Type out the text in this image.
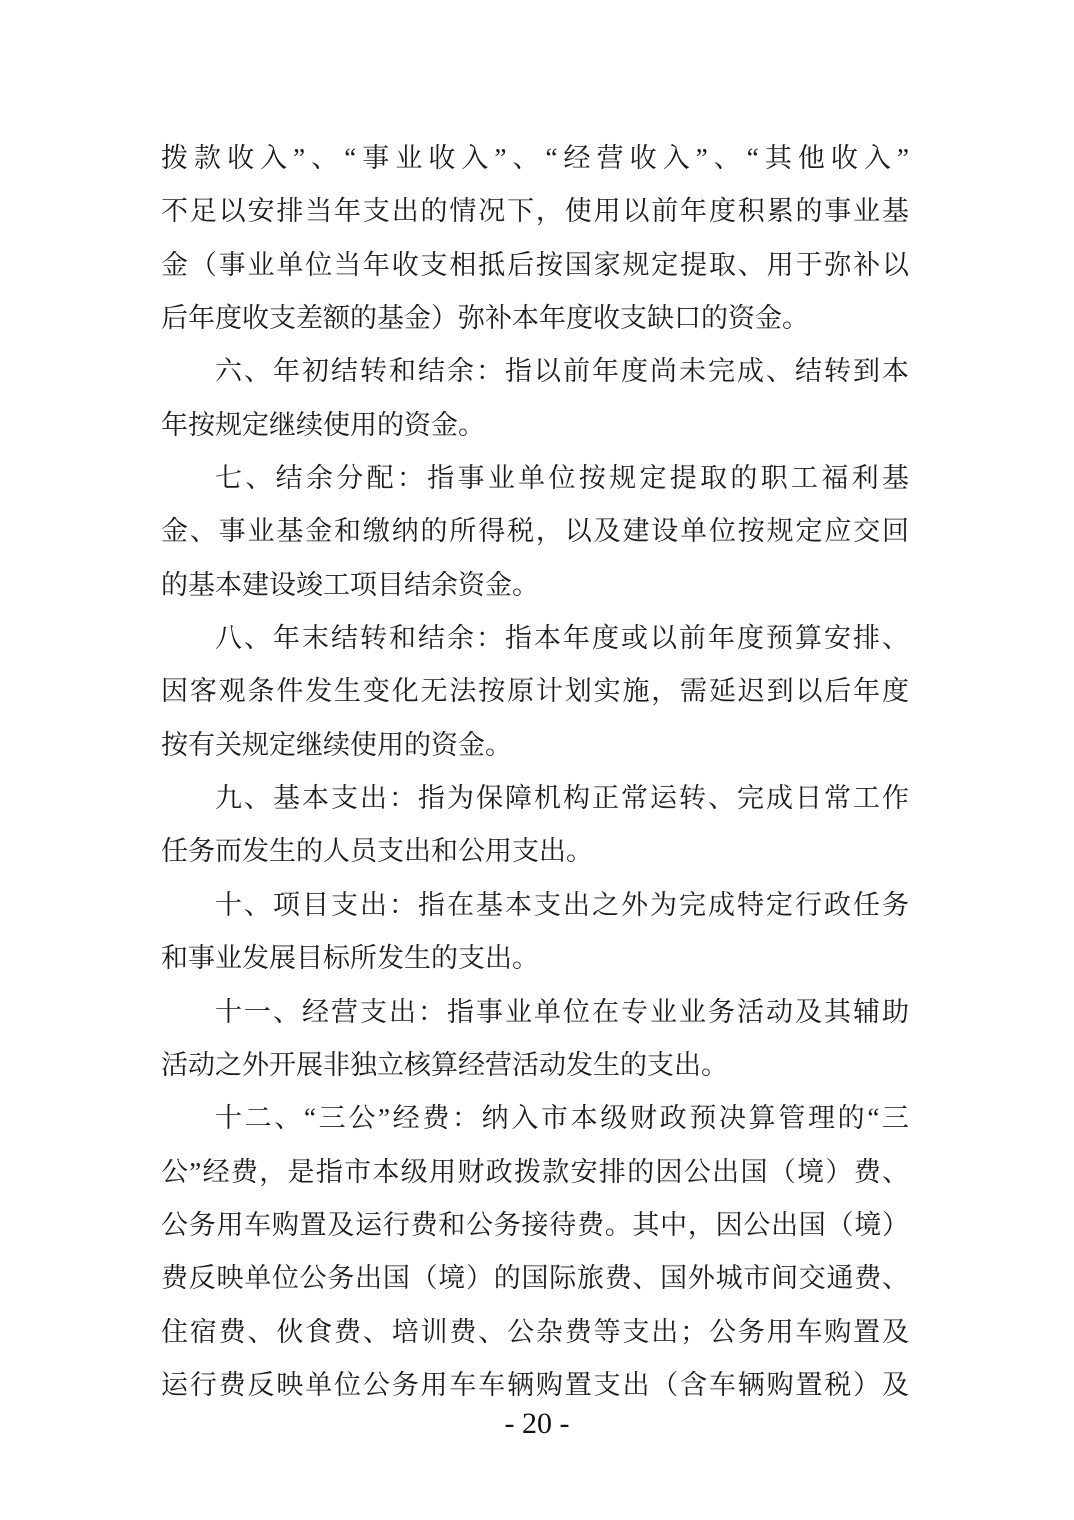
拨款收入”、“事业收入”、“经营收入”、“其他收入”
不足以安排当年支出的情况下，使用以前年度积累的事业基
金（事业单位当年收支相抵后按国家规定提取、用于弥补以
后年度收支差额的基金）弥补本年度收支缺口的资金。
六、年初结转和结余：指以前年度尚未完成、结转到本
年按规定继续使用的资金。
七、结余分配：指事业单位按规定提取的职工福利基
金、事业基金和缴纳的所得税，以及建设单位按规定应交回
的基本建设竣工项目结余资金。
八、年末结转和结余：指本年度或以前年度预算安排、
因客观条件发生变化无法按原计划实施，需延迟到以后年度
按有关规定继续使用的资金。
九、基本支出：指为保障机构正常运转、完成日常工作
任务而发生的人员支出和公用支出。
十、项目支出：指在基本支出之外为完成特定行政任务
和事业发展目标所发生的支出。
十一、经营支出：指事业单位在专业业务活动及其辅助
活动之外开展非独立核算经营活动发生的支出。
十二、“三公”经费：纳入市本级财政预决算管理的“三
公”经费，是指市本级用财政拨款安排的因公出国（境）费、
公务用车购置及运行费和公务接待费。其中，因公出国（境）
费反映单位公务出国（境）的国际旅费、国外城市间交通费、
住宿费、伙食费、培训费、公杂费等支出；公务用车购置及
运行费反映单位公务用车车辆购置支出（含车辆购置税）及
- 20 -
